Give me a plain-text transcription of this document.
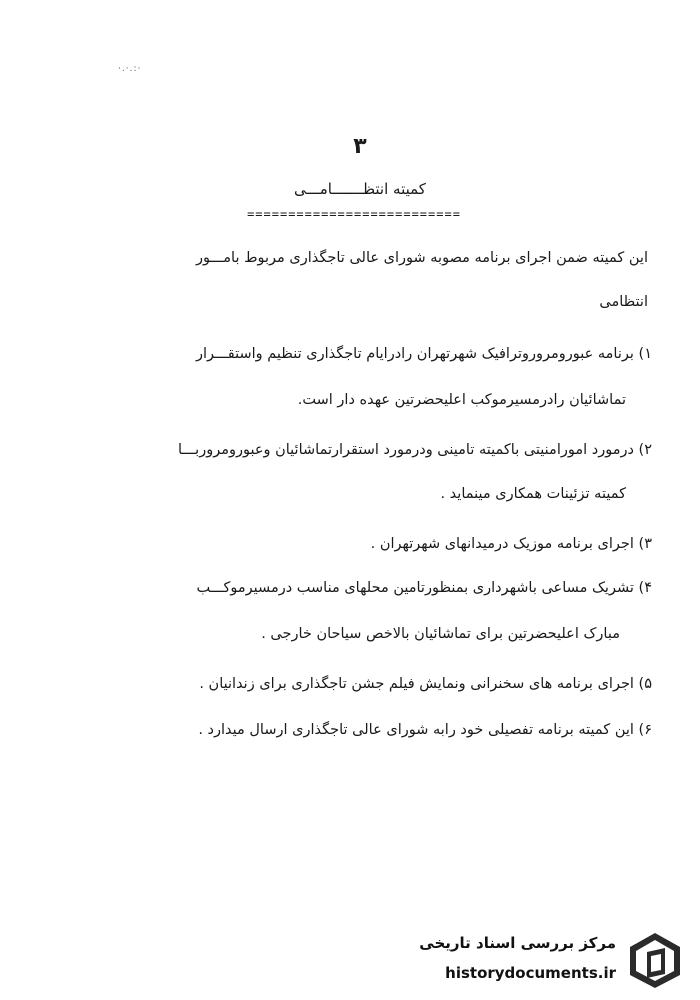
·.·.:·
۳
کمیته انتظـــــــامـــی
==========================
این کمیته ضمن اجرای برنامه مصوبه شورای عالی تاجگذاری مربوط بامـــور
انتظامی
۱) برنامه عبورومروروترافیک شهرتهران رادرایام تاجگذاری تنظیم واستقـــرار
تماشائیان رادرمسیرموکب اعلیحضرتین عهده دار است.
۲) درمورد امورامنیتی باکمیته تامینی ودرمورد استقرارتماشائیان وعبورومروربـــا
کمیته تزئینات همکاری مینماید .
۳) اجرای برنامه موزیک درمیدانهای شهرتهران .
۴) تشریک مساعی باشهرداری بمنظورتامین محلهای مناسب درمسیرموکـــب
مبارک اعلیحضرتین برای تماشائیان بالاخص سیاحان خارجی .
۵) اجرای برنامه های سخنرانی ونمایش فیلم جشن تاجگذاری برای زندانیان .
۶) این کمیته برنامه تفصیلی خود رابه شورای عالی تاجگذاری ارسال میدارد .
مرکز بررسی اسناد تاریخی
historydocuments.ir
